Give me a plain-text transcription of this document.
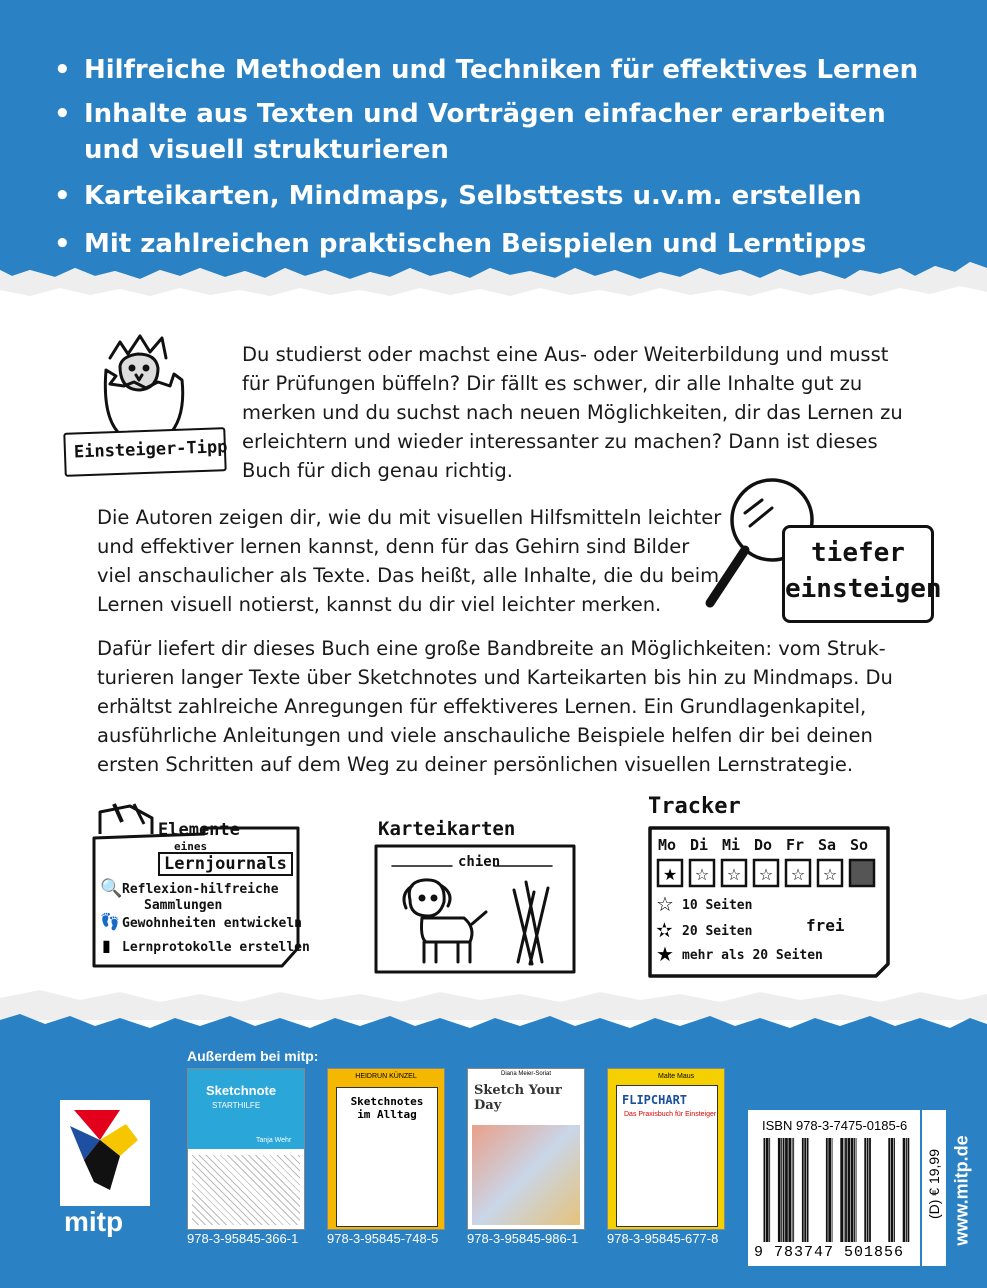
• Hilfreiche Methoden und Techniken für effektives Lernen
• Inhalte aus Texten und Vorträgen einfacher erarbeiten
und visuell strukturieren
• Karteikarten, Mindmaps, Selbsttests u.v.m. erstellen
• Mit zahlreichen praktischen Beispielen und Lerntipps
Einsteiger-Tipp
Du studierst oder machst eine Aus- oder Weiterbildung und musst
für Prüfungen büffeln? Dir fällt es schwer, dir alle Inhalte gut zu
merken und du suchst nach neuen Möglichkeiten, dir das Lernen zu
erleichtern und wieder interessanter zu machen? Dann ist dieses
Buch für dich genau richtig.
Die Autoren zeigen dir, wie du mit visuellen Hilfsmitteln leichter
und effektiver lernen kannst, denn für das Gehirn sind Bilder
viel anschaulicher als Texte. Das heißt, alle Inhalte, die du beim
Lernen visuell notierst, kannst du dir viel leichter merken.
tiefer
einsteigen
Dafür liefert dir dieses Buch eine große Bandbreite an Möglichkeiten: vom Struk-
turieren langer Texte über Sketchnotes und Karteikarten bis hin zu Mindmaps. Du
erhältst zahlreiche Anregungen für effektiveres Lernen. Ein Grundlagenkapitel,
ausführliche Anleitungen und viele anschauliche Beispiele helfen dir bei deinen
ersten Schritten auf dem Weg zu deiner persönlichen visuellen Lernstrategie.
Elemente
eines
Lernjournals
🔍 Reflexion-hilfreiche
Sammlungen
👣 Gewohnheiten entwickeln
▮ Lernprotokolle erstellen
Karteikarten
chien
Tracker
Mo Di Mi Do Fr Sa So
★ ☆ ☆ ☆ ☆ ☆
☆ 10 Seiten
✫ 20 Seiten
★ mehr als 20 Seiten
frei
Außerdem bei mitp:
mitp
Sketchnote
STARTHILFE
Tanja Wehr
HEIDRUN KÜNZEL
Sketchnotes im Alltag
Diana Meier-Soriat
Sketch Your Day
Malte Maus
FLIPCHART
Das Praxisbuch für Einsteiger
978-3-95845-366-1 978-3-95845-748-5 978-3-95845-986-1 978-3-95845-677-8
ISBN 978-3-7475-0185-6
9 783747 501856
(D) € 19,99 www.mitp.de
